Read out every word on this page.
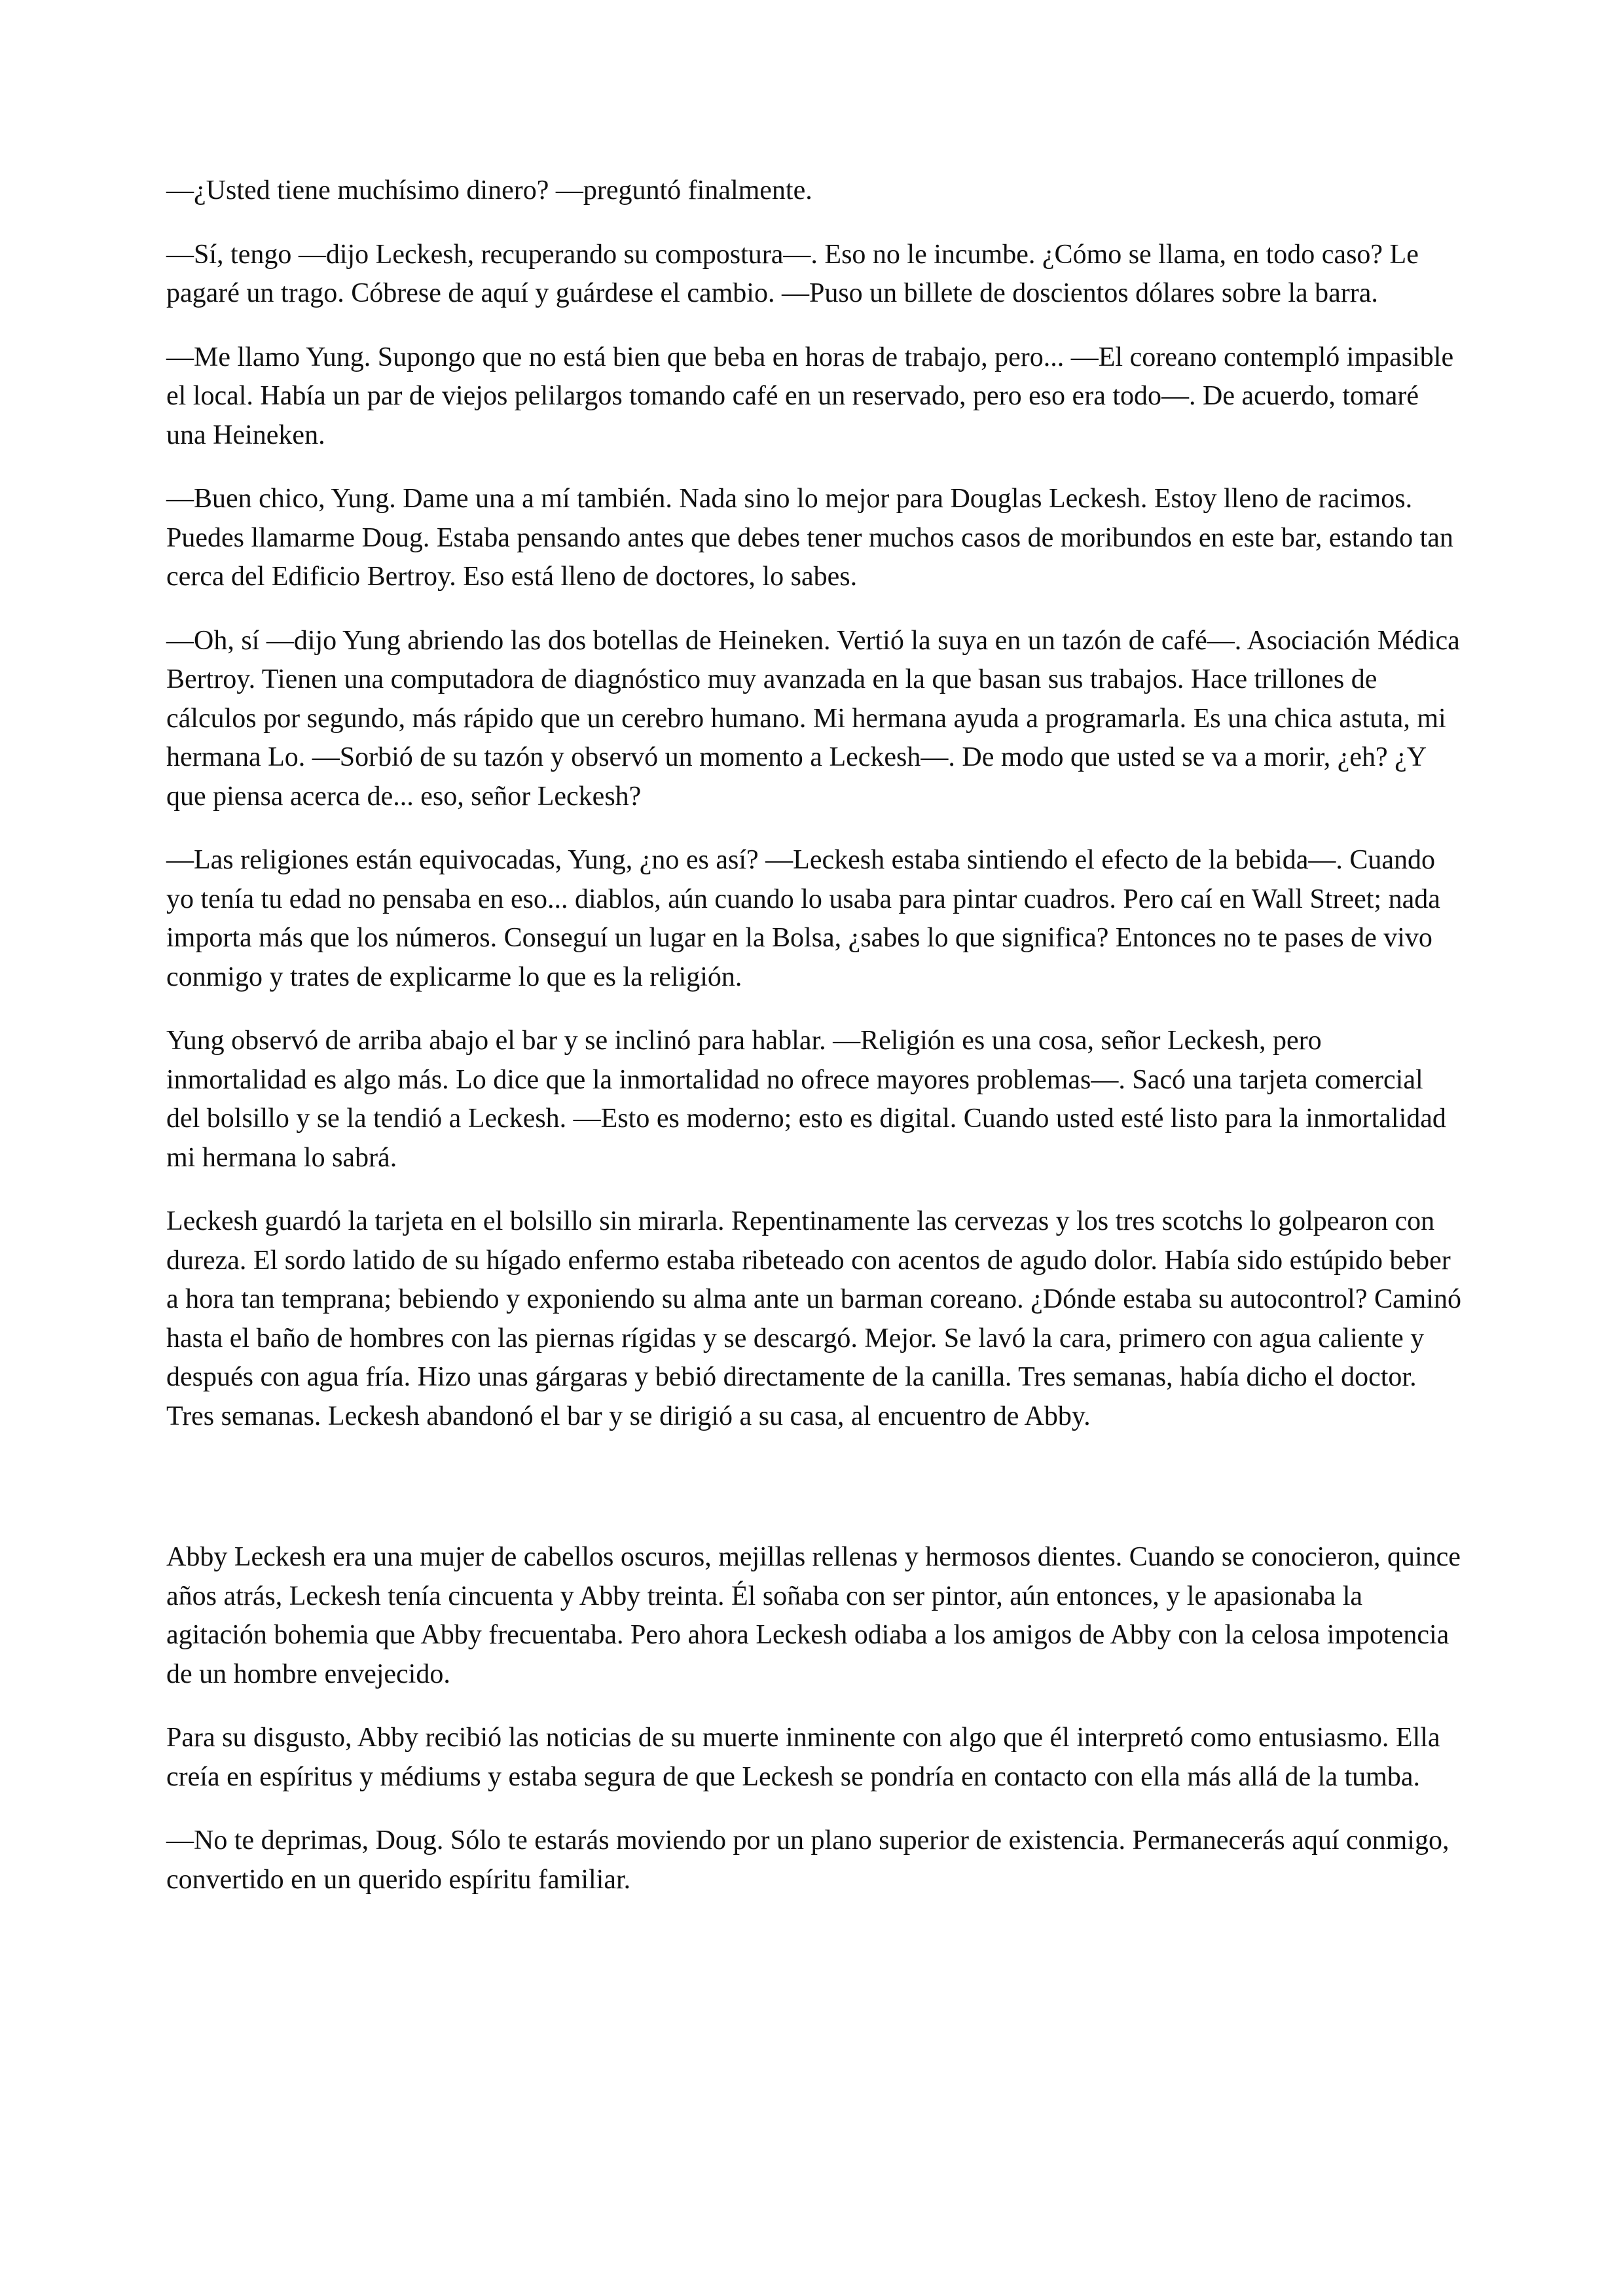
—¿Usted tiene muchísimo dinero? —preguntó finalmente.

—Sí, tengo —dijo Leckesh, recuperando su compostura—. Eso no le incumbe. ¿Cómo se llama, en todo caso? Le pagaré un trago. Cóbrese de aquí y guárdese el cambio. —Puso un billete de doscientos dólares sobre la barra.

—Me llamo Yung. Supongo que no está bien que beba en horas de trabajo, pero... —El coreano contempló impasible el local. Había un par de viejos pelilargos tomando café en un reservado, pero eso era todo—. De acuerdo, tomaré una Heineken.

—Buen chico, Yung. Dame una a mí también. Nada sino lo mejor para Douglas Leckesh. Estoy lleno de racimos. Puedes llamarme Doug. Estaba pensando antes que debes tener muchos casos de moribundos en este bar, estando tan cerca del Edificio Bertroy. Eso está lleno de doctores, lo sabes.

—Oh, sí —dijo Yung abriendo las dos botellas de Heineken. Vertió la suya en un tazón de café—. Asociación Médica Bertroy. Tienen una computadora de diagnóstico muy avanzada en la que basan sus trabajos. Hace trillones de cálculos por segundo, más rápido que un cerebro humano. Mi hermana ayuda a programarla. Es una chica astuta, mi hermana Lo. —Sorbió de su tazón y observó un momento a Leckesh—. De modo que usted se va a morir, ¿eh? ¿Y que piensa acerca de... eso, señor Leckesh?

—Las religiones están equivocadas, Yung, ¿no es así? —Leckesh estaba sintiendo el efecto de la bebida—. Cuando yo tenía tu edad no pensaba en eso... diablos, aún cuando lo usaba para pintar cuadros. Pero caí en Wall Street; nada importa más que los números. Conseguí un lugar en la Bolsa, ¿sabes lo que significa? Entonces no te pases de vivo conmigo y trates de explicarme lo que es la religión.

Yung observó de arriba abajo el bar y se inclinó para hablar. —Religión es una cosa, señor Leckesh, pero inmortalidad es algo más. Lo dice que la inmortalidad no ofrece mayores problemas—. Sacó una tarjeta comercial del bolsillo y se la tendió a Leckesh. —Esto es moderno; esto es digital. Cuando usted esté listo para la inmortalidad mi hermana lo sabrá.

Leckesh guardó la tarjeta en el bolsillo sin mirarla. Repentinamente las cervezas y los tres scotchs lo golpearon con dureza. El sordo latido de su hígado enfermo estaba ribeteado con acentos de agudo dolor. Había sido estúpido beber a hora tan temprana; bebiendo y exponiendo su alma ante un barman coreano. ¿Dónde estaba su autocontrol? Caminó hasta el baño de hombres con las piernas rígidas y se descargó. Mejor. Se lavó la cara, primero con agua caliente y después con agua fría. Hizo unas gárgaras y bebió directamente de la canilla. Tres semanas, había dicho el doctor. Tres semanas. Leckesh abandonó el bar y se dirigió a su casa, al encuentro de Abby.

Abby Leckesh era una mujer de cabellos oscuros, mejillas rellenas y hermosos dientes. Cuando se conocieron, quince años atrás, Leckesh tenía cincuenta y Abby treinta. Él soñaba con ser pintor, aún entonces, y le apasionaba la agitación bohemia que Abby frecuentaba. Pero ahora Leckesh odiaba a los amigos de Abby con la celosa impotencia de un hombre envejecido.

Para su disgusto, Abby recibió las noticias de su muerte inminente con algo que él interpretó como entusiasmo. Ella creía en espíritus y médiums y estaba segura de que Leckesh se pondría en contacto con ella más allá de la tumba.

—No te deprimas, Doug. Sólo te estarás moviendo por un plano superior de existencia. Permanecerás aquí conmigo, convertido en un querido espíritu familiar.
